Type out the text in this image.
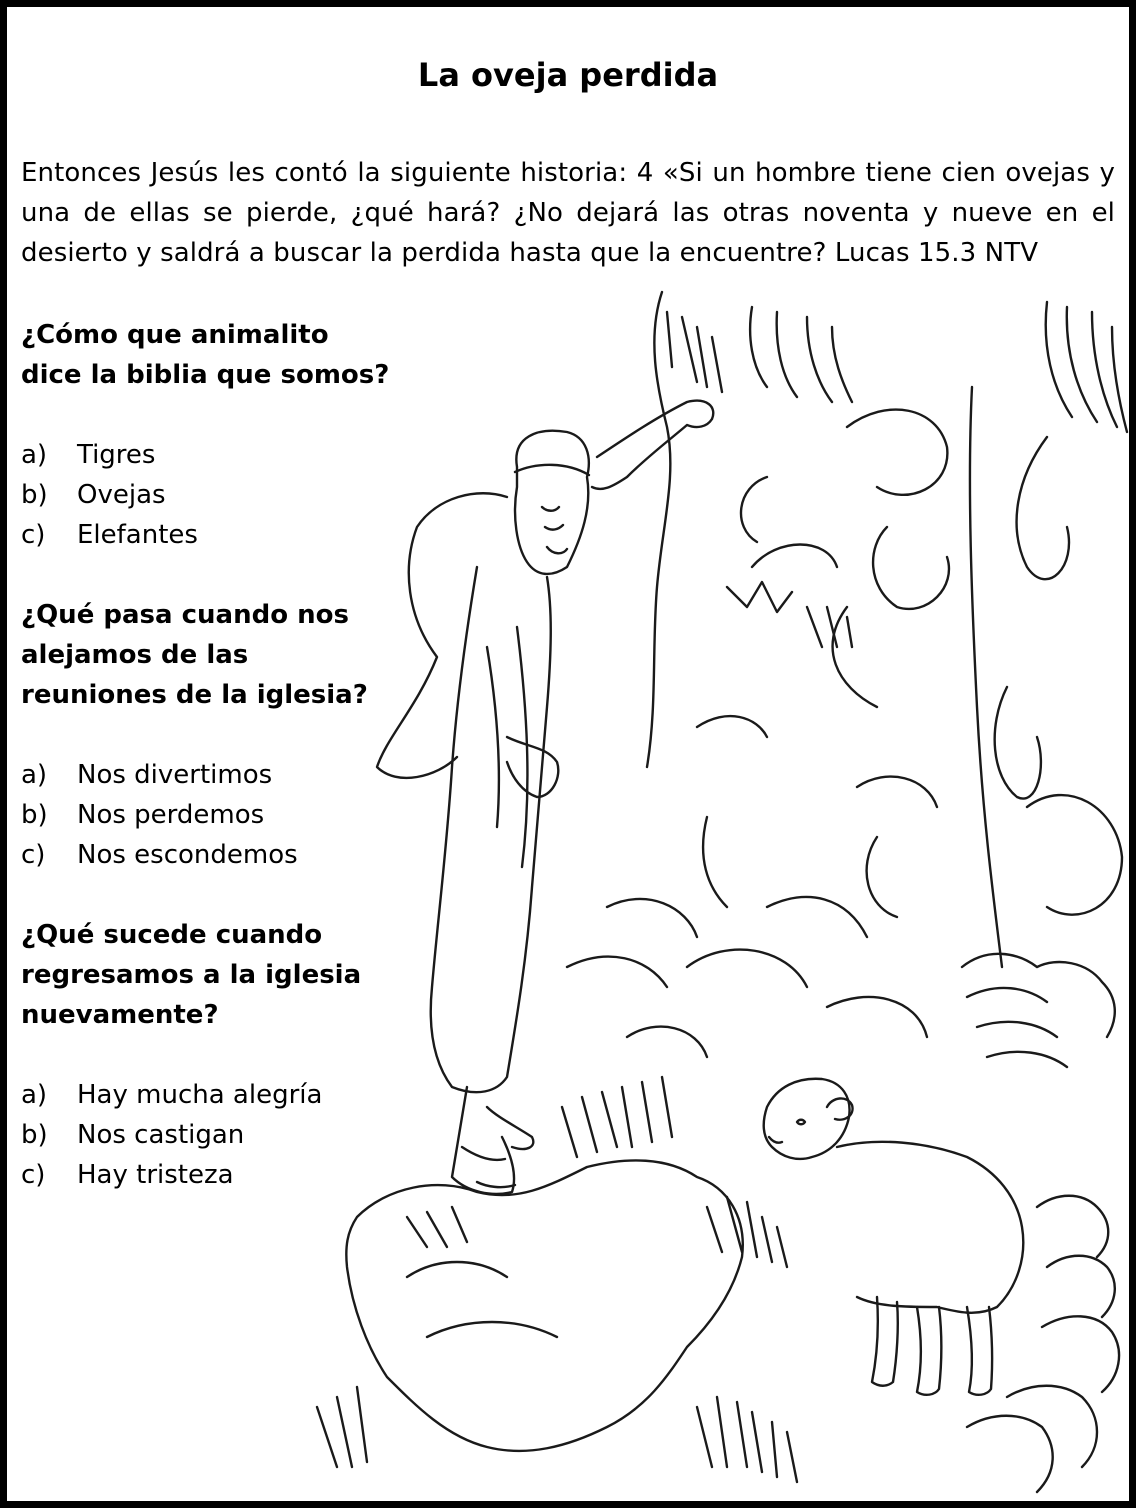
La oveja perdida

Entonces Jesús les contó la siguiente historia: 4 «Si un hombre tiene cien ovejas y una de ellas se pierde, ¿qué hará? ¿No dejará las otras noventa y nueve en el desierto y saldrá a buscar la perdida hasta que la encuentre? Lucas 15.3 NTV

¿Cómo que animalito
dice la biblia que somos?

a)	Tigres
b)	Ovejas
c)	Elefantes

¿Qué pasa cuando nos
alejamos de las
reuniones de la iglesia?

a)	Nos divertimos
b)	Nos perdemos
c)	Nos escondemos

¿Qué sucede cuando
regresamos a la iglesia
nuevamente?

a)	Hay mucha alegría
b)	Nos castigan
c)	Hay tristeza
